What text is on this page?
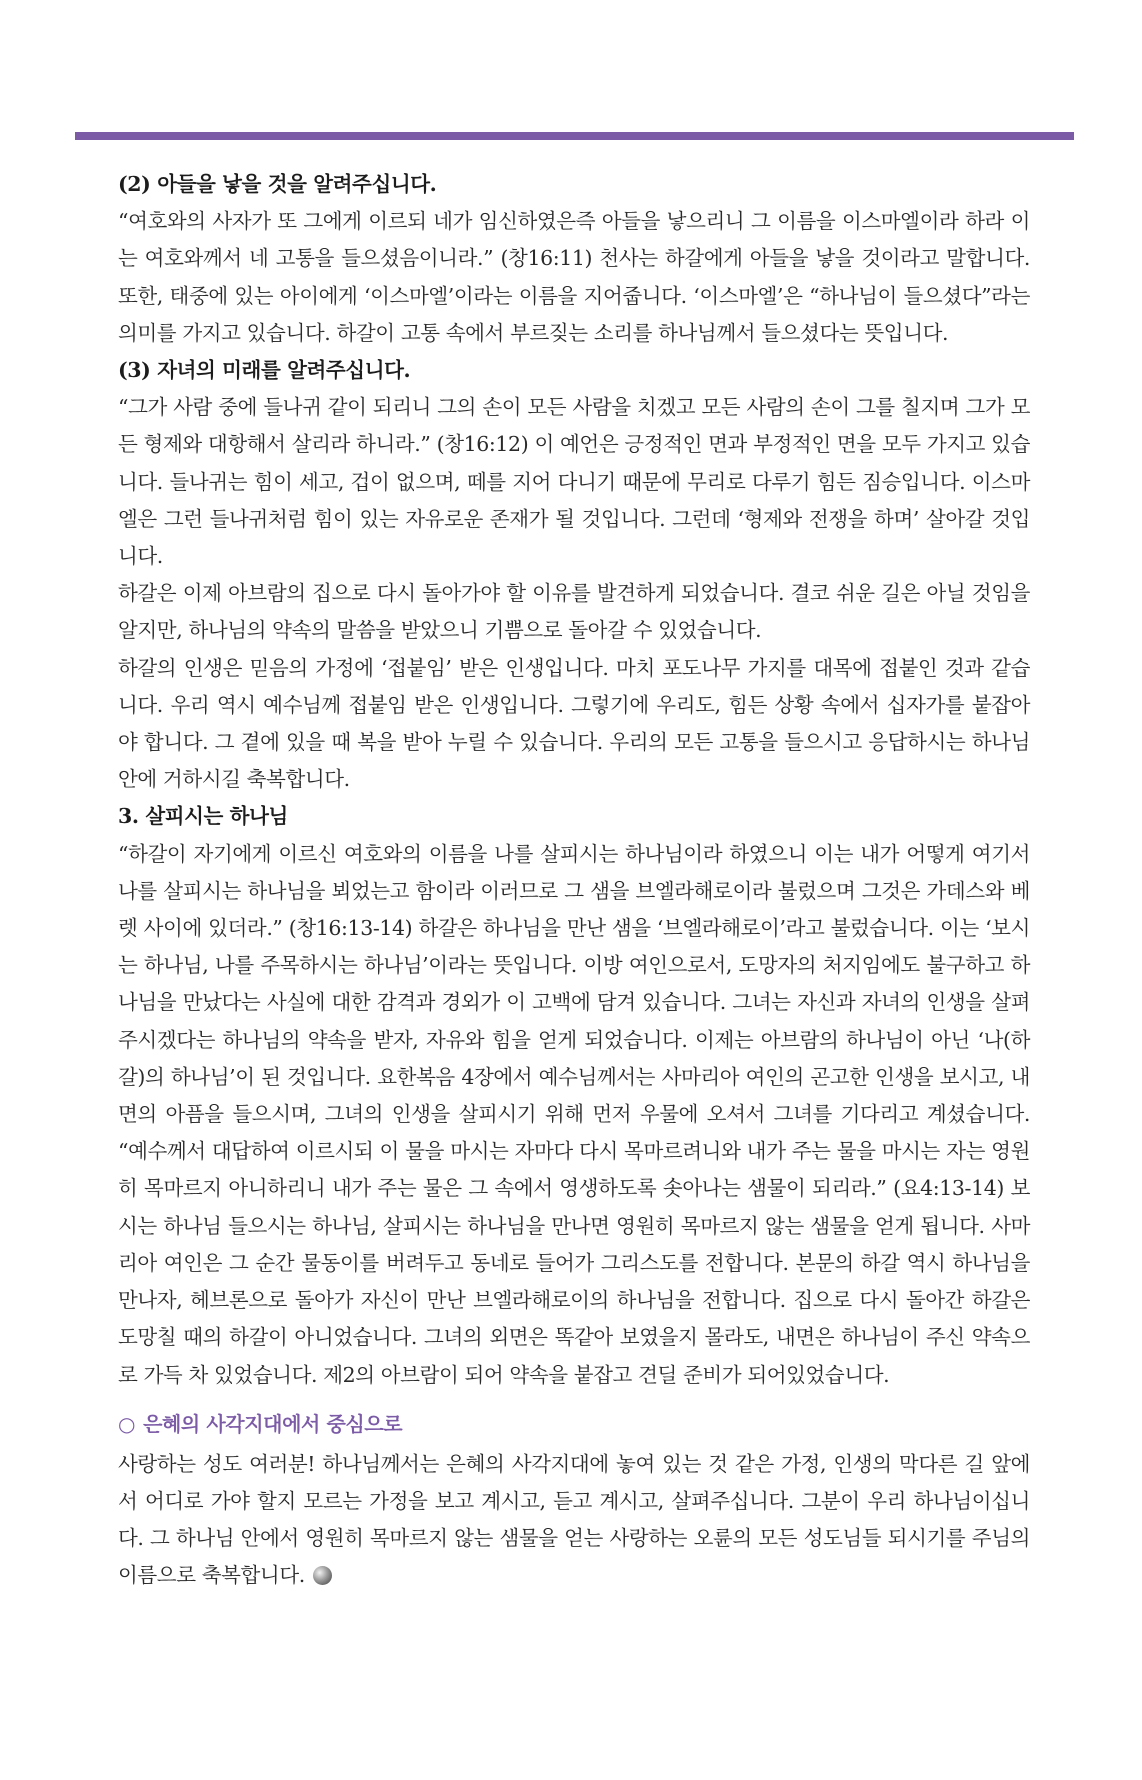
(2) 아들을 낳을 것을 알려주십니다.

“여호와의 사자가 또 그에게 이르되 네가 임신하였은즉 아들을 낳으리니 그 이름을 이스마엘이라 하라 이는 여호와께서 네 고통을 들으셨음이니라.” (창16:11) 천사는 하갈에게 아들을 낳을 것이라고 말합니다. 또한, 태중에 있는 아이에게 ‘이스마엘’이라는 이름을 지어줍니다. ‘이스마엘’은 “하나님이 들으셨다”라는 의미를 가지고 있습니다. 하갈이 고통 속에서 부르짖는 소리를 하나님께서 들으셨다는 뜻입니다.

(3) 자녀의 미래를 알려주십니다.

“그가 사람 중에 들나귀 같이 되리니 그의 손이 모든 사람을 치겠고 모든 사람의 손이 그를 칠지며 그가 모든 형제와 대항해서 살리라 하니라.” (창16:12) 이 예언은 긍정적인 면과 부정적인 면을 모두 가지고 있습니다. 들나귀는 힘이 세고, 겁이 없으며, 떼를 지어 다니기 때문에 무리로 다루기 힘든 짐승입니다. 이스마엘은 그런 들나귀처럼 힘이 있는 자유로운 존재가 될 것입니다. 그런데 ‘형제와 전쟁을 하며’ 살아갈 것입니다.

하갈은 이제 아브람의 집으로 다시 돌아가야 할 이유를 발견하게 되었습니다. 결코 쉬운 길은 아닐 것임을 알지만, 하나님의 약속의 말씀을 받았으니 기쁨으로 돌아갈 수 있었습니다.

하갈의 인생은 믿음의 가정에 ‘접붙임’ 받은 인생입니다. 마치 포도나무 가지를 대목에 접붙인 것과 같습니다. 우리 역시 예수님께 접붙임 받은 인생입니다. 그렇기에 우리도, 힘든 상황 속에서 십자가를 붙잡아야 합니다. 그 곁에 있을 때 복을 받아 누릴 수 있습니다. 우리의 모든 고통을 들으시고 응답하시는 하나님 안에 거하시길 축복합니다.

3. 살피시는 하나님

“하갈이 자기에게 이르신 여호와의 이름을 나를 살피시는 하나님이라 하였으니 이는 내가 어떻게 여기서 나를 살피시는 하나님을 뵈었는고 함이라 이러므로 그 샘을 브엘라해로이라 불렀으며 그것은 가데스와 베렛 사이에 있더라.” (창16:13-14) 하갈은 하나님을 만난 샘을 ‘브엘라해로이’라고 불렀습니다. 이는 ‘보시는 하나님, 나를 주목하시는 하나님’이라는 뜻입니다. 이방 여인으로서, 도망자의 처지임에도 불구하고 하나님을 만났다는 사실에 대한 감격과 경외가 이 고백에 담겨 있습니다. 그녀는 자신과 자녀의 인생을 살펴주시겠다는 하나님의 약속을 받자, 자유와 힘을 얻게 되었습니다. 이제는 아브람의 하나님이 아닌 ‘나(하갈)의 하나님’이 된 것입니다. 요한복음 4장에서 예수님께서는 사마리아 여인의 곤고한 인생을 보시고, 내면의 아픔을 들으시며, 그녀의 인생을 살피시기 위해 먼저 우물에 오셔서 그녀를 기다리고 계셨습니다. “예수께서 대답하여 이르시되 이 물을 마시는 자마다 다시 목마르려니와 내가 주는 물을 마시는 자는 영원히 목마르지 아니하리니 내가 주는 물은 그 속에서 영생하도록 솟아나는 샘물이 되리라.” (요4:13-14) 보시는 하나님 들으시는 하나님, 살피시는 하나님을 만나면 영원히 목마르지 않는 샘물을 얻게 됩니다. 사마리아 여인은 그 순간 물동이를 버려두고 동네로 들어가 그리스도를 전합니다. 본문의 하갈 역시 하나님을 만나자, 헤브론으로 돌아가 자신이 만난 브엘라해로이의 하나님을 전합니다. 집으로 다시 돌아간 하갈은 도망칠 때의 하갈이 아니었습니다. 그녀의 외면은 똑같아 보였을지 몰라도, 내면은 하나님이 주신 약속으로 가득 차 있었습니다. 제2의 아브람이 되어 약속을 붙잡고 견딜 준비가 되어있었습니다.

○ 은혜의 사각지대에서 중심으로

사랑하는 성도 여러분! 하나님께서는 은혜의 사각지대에 놓여 있는 것 같은 가정, 인생의 막다른 길 앞에서 어디로 가야 할지 모르는 가정을 보고 계시고, 듣고 계시고, 살펴주십니다. 그분이 우리 하나님이십니다. 그 하나님 안에서 영원히 목마르지 않는 샘물을 얻는 사랑하는 오륜의 모든 성도님들 되시기를 주님의 이름으로 축복합니다.
